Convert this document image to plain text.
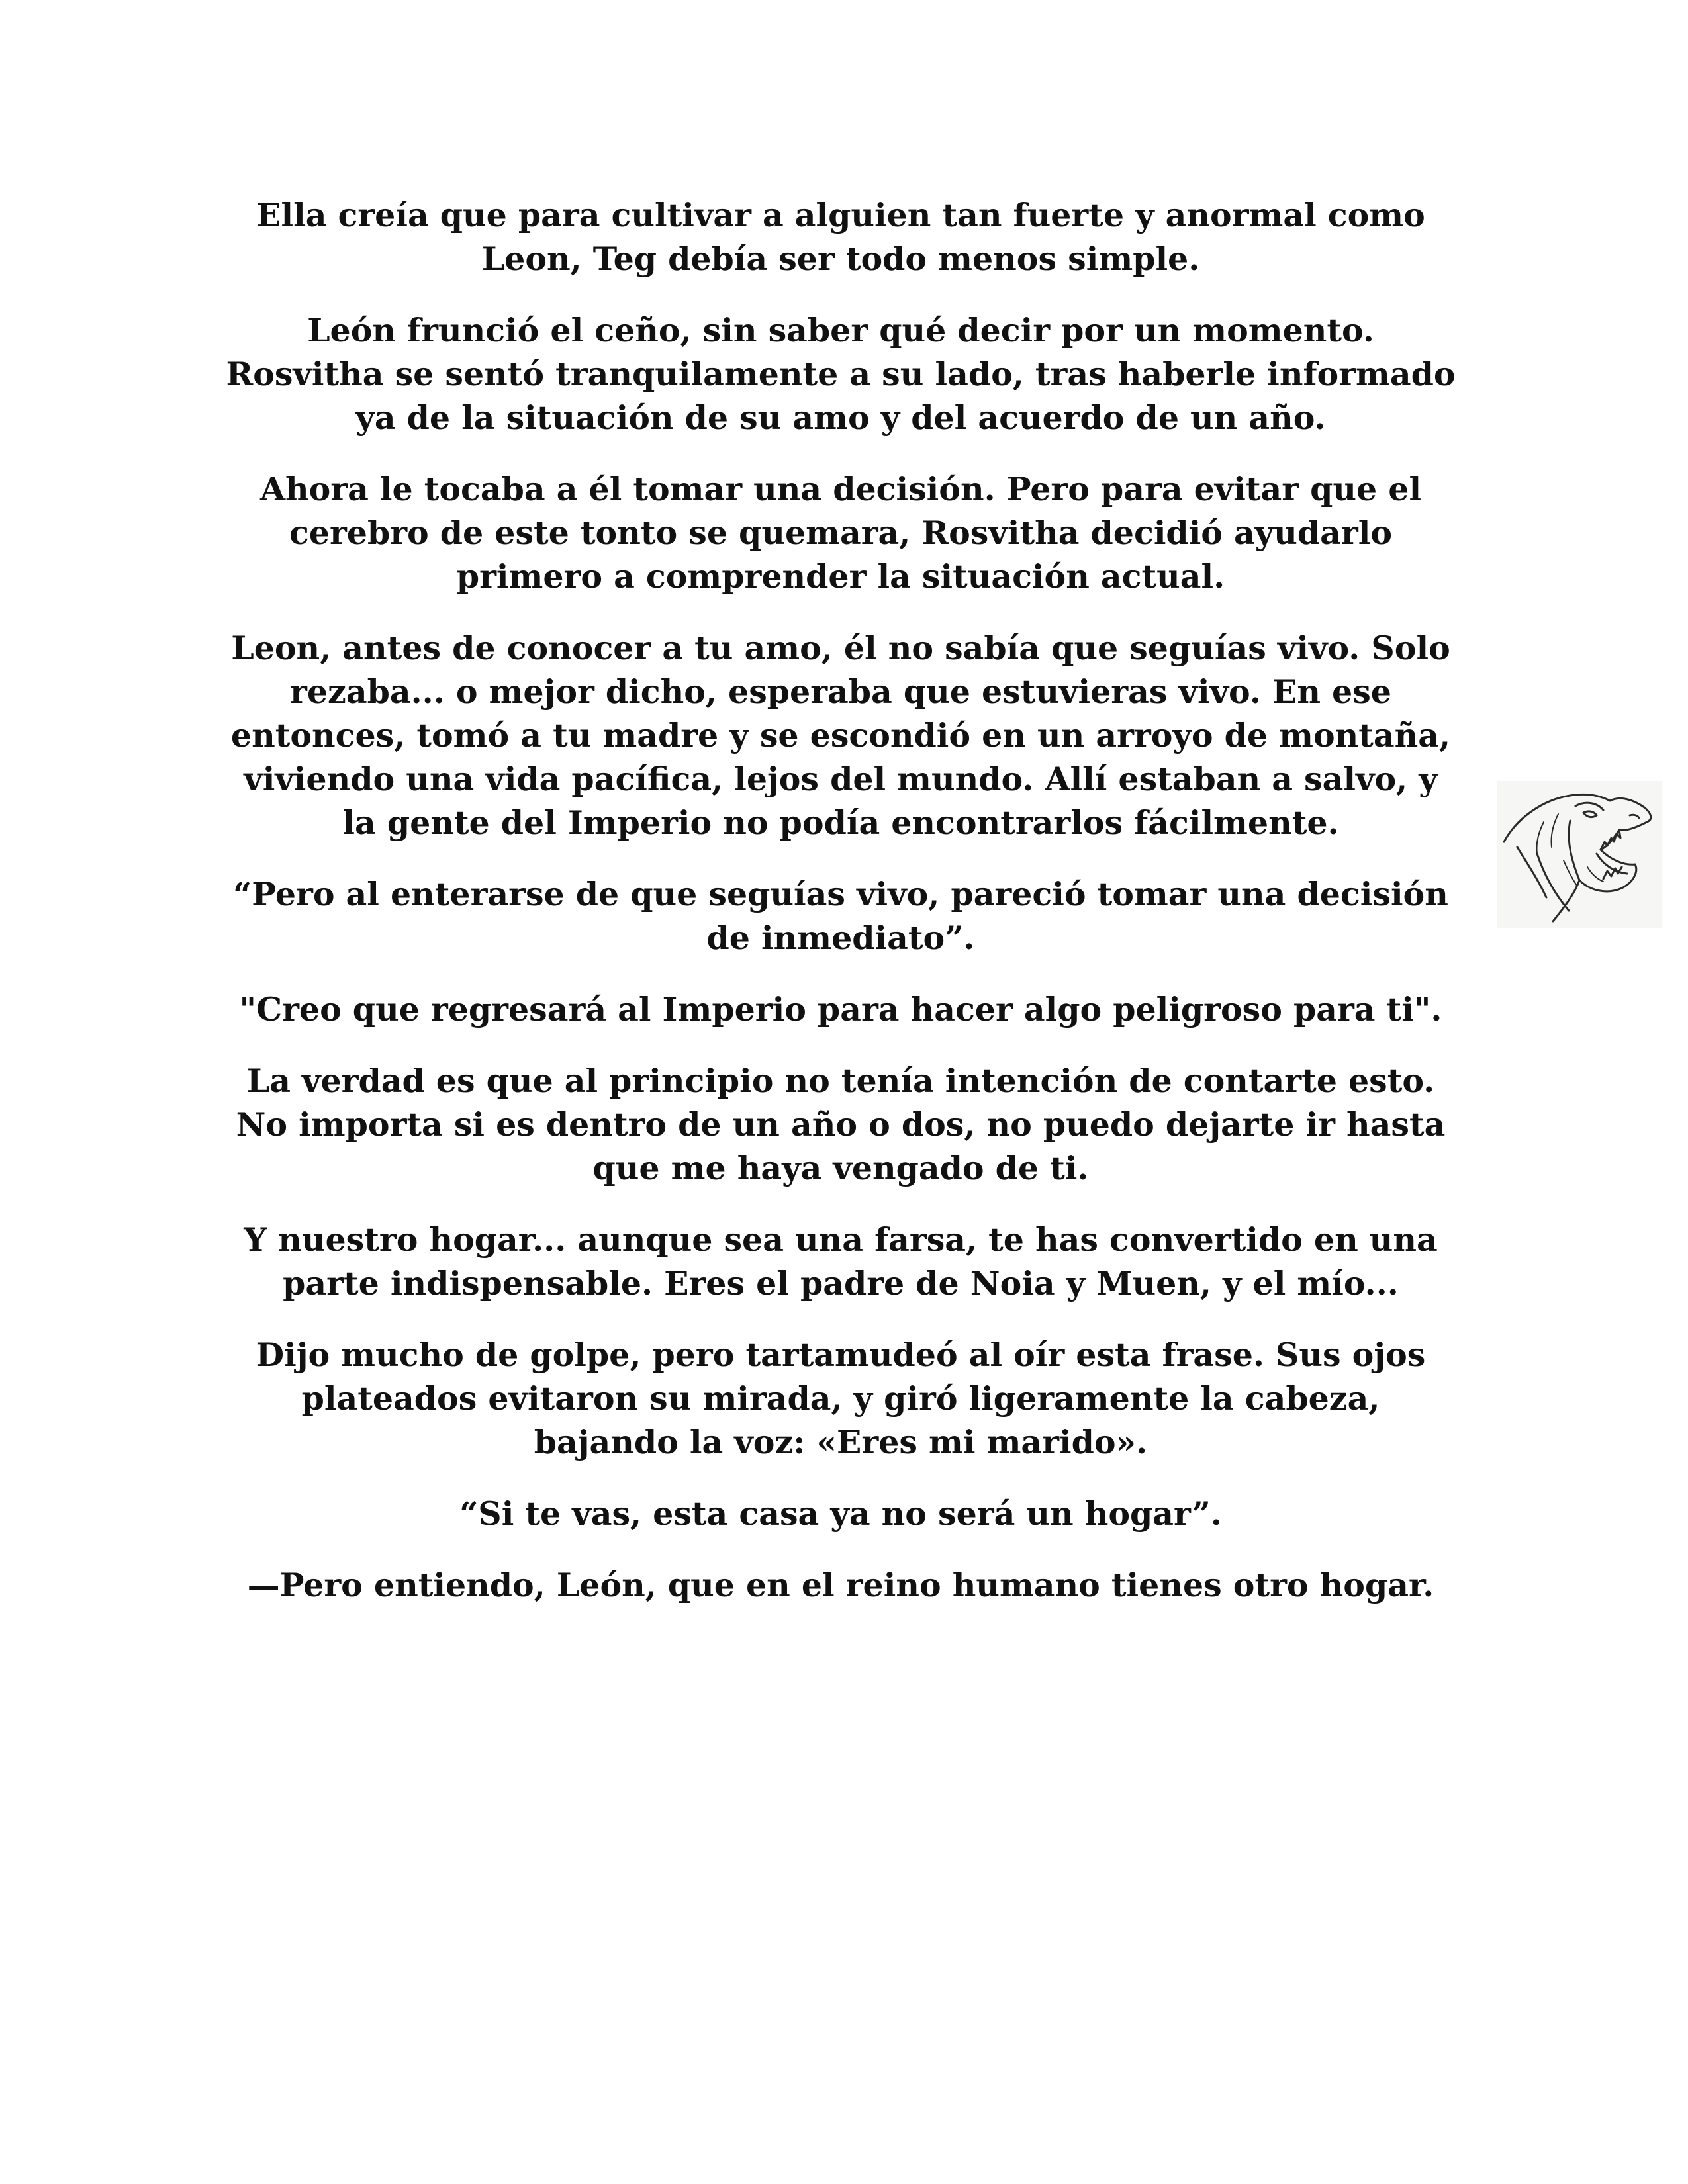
Ella creía que para cultivar a alguien tan fuerte y anormal como Leon, Teg debía ser todo menos simple.

León frunció el ceño, sin saber qué decir por un momento. Rosvitha se sentó tranquilamente a su lado, tras haberle informado ya de la situación de su amo y del acuerdo de un año.

Ahora le tocaba a él tomar una decisión. Pero para evitar que el cerebro de este tonto se quemara, Rosvitha decidió ayudarlo primero a comprender la situación actual.

Leon, antes de conocer a tu amo, él no sabía que seguías vivo. Solo rezaba... o mejor dicho, esperaba que estuvieras vivo. En ese entonces, tomó a tu madre y se escondió en un arroyo de montaña, viviendo una vida pacífica, lejos del mundo. Allí estaban a salvo, y la gente del Imperio no podía encontrarlos fácilmente.

“Pero al enterarse de que seguías vivo, pareció tomar una decisión de inmediato”.

"Creo que regresará al Imperio para hacer algo peligroso para ti".

La verdad es que al principio no tenía intención de contarte esto. No importa si es dentro de un año o dos, no puedo dejarte ir hasta que me haya vengado de ti.

Y nuestro hogar... aunque sea una farsa, te has convertido en una parte indispensable. Eres el padre de Noia y Muen, y el mío...

Dijo mucho de golpe, pero tartamudeó al oír esta frase. Sus ojos plateados evitaron su mirada, y giró ligeramente la cabeza, bajando la voz: «Eres mi marido».

“Si te vas, esta casa ya no será un hogar”.

—Pero entiendo, León, que en el reino humano tienes otro hogar.
